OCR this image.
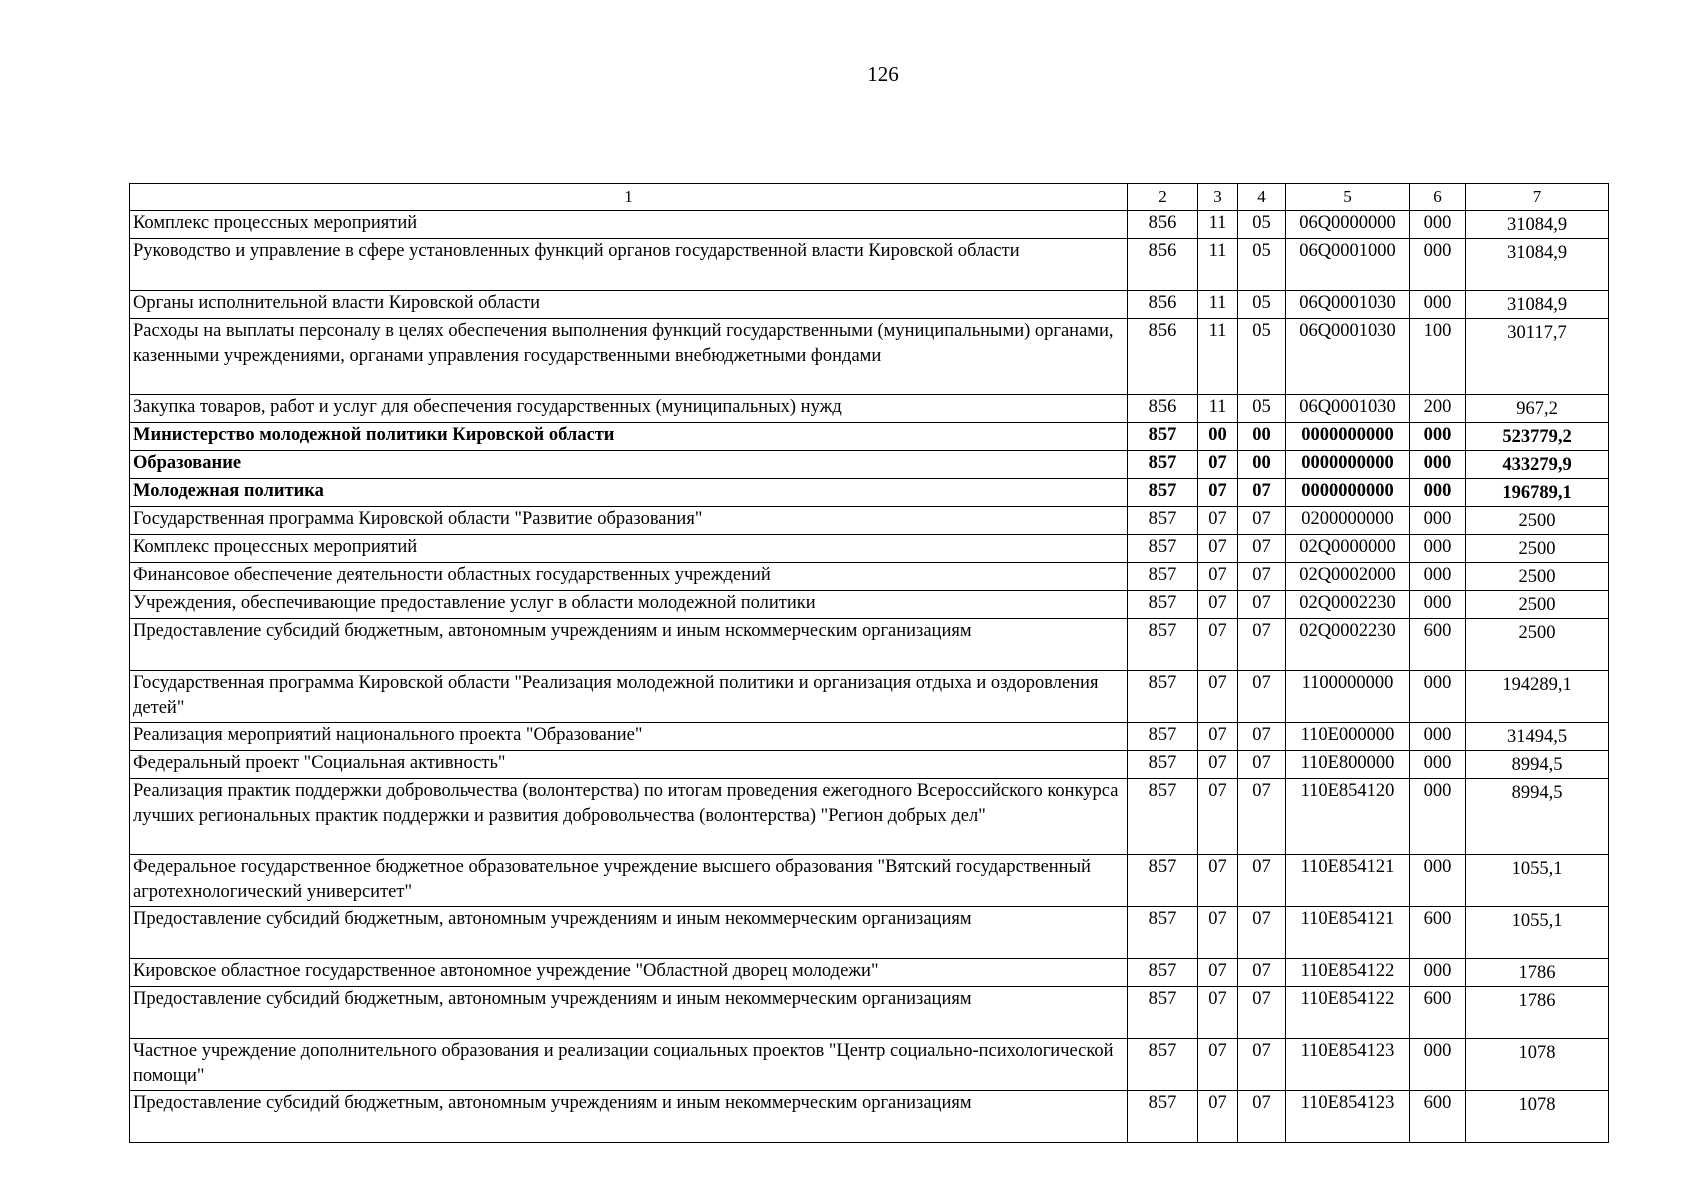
126
1	2	3	4	5	6	7
Комплекс процессных мероприятий	856	11	05	06Q0000000	000	31084,9
Руководство и управление в сфере установленных функций органов государственной власти Кировской области	856	11	05	06Q0001000	000	31084,9
Органы исполнительной власти Кировской области	856	11	05	06Q0001030	000	31084,9
Расходы на выплаты персоналу в целях обеспечения выполнения функций государственными (муниципальными) органами, казенными учреждениями, органами управления государственными внебюджетными фондами	856	11	05	06Q0001030	100	30117,7
Закупка товаров, работ и услуг для обеспечения государственных (муниципальных) нужд	856	11	05	06Q0001030	200	967,2
Министерство молодежной политики Кировской области	857	00	00	0000000000	000	523779,2
Образование	857	07	00	0000000000	000	433279,9
Молодежная политика	857	07	07	0000000000	000	196789,1
Государственная программа Кировской области "Развитие образования"	857	07	07	0200000000	000	2500
Комплекс процессных мероприятий	857	07	07	02Q0000000	000	2500
Финансовое обеспечение деятельности областных государственных учреждений	857	07	07	02Q0002000	000	2500
Учреждения, обеспечивающие предоставление услуг в области молодежной политики	857	07	07	02Q0002230	000	2500
Предоставление субсидий бюджетным, автономным учреждениям и иным нскоммерческим организациям	857	07	07	02Q0002230	600	2500
Государственная программа Кировской области "Реализация молодежной политики и организация отдыха и оздоровления детей"	857	07	07	1100000000	000	194289,1
Реализация мероприятий национального проекта "Образование"	857	07	07	110E000000	000	31494,5
Федеральный проект "Социальная активность"	857	07	07	110E800000	000	8994,5
Реализация практик поддержки добровольчества (волонтерства) по итогам проведения ежегодного Всероссийского конкурса лучших региональных практик поддержки и развития добровольчества (волонтерства) "Регион добрых дел"	857	07	07	110E854120	000	8994,5
Федеральное государственное бюджетное образовательное учреждение высшего образования "Вятский государственный агротехнологический университет"	857	07	07	110E854121	000	1055,1
Предоставление субсидий бюджетным, автономным учреждениям и иным некоммерческим организациям	857	07	07	110E854121	600	1055,1
Кировское областное государственное автономное учреждение "Областной дворец молодежи"	857	07	07	110E854122	000	1786
Предоставление субсидий бюджетным, автономным учреждениям и иным некоммерческим организациям	857	07	07	110E854122	600	1786
Частное учреждение дополнительного образования и реализации социальных проектов "Центр социально-психологической помощи"	857	07	07	110E854123	000	1078
Предоставление субсидий бюджетным, автономным учреждениям и иным некоммерческим организациям	857	07	07	110E854123	600	1078
